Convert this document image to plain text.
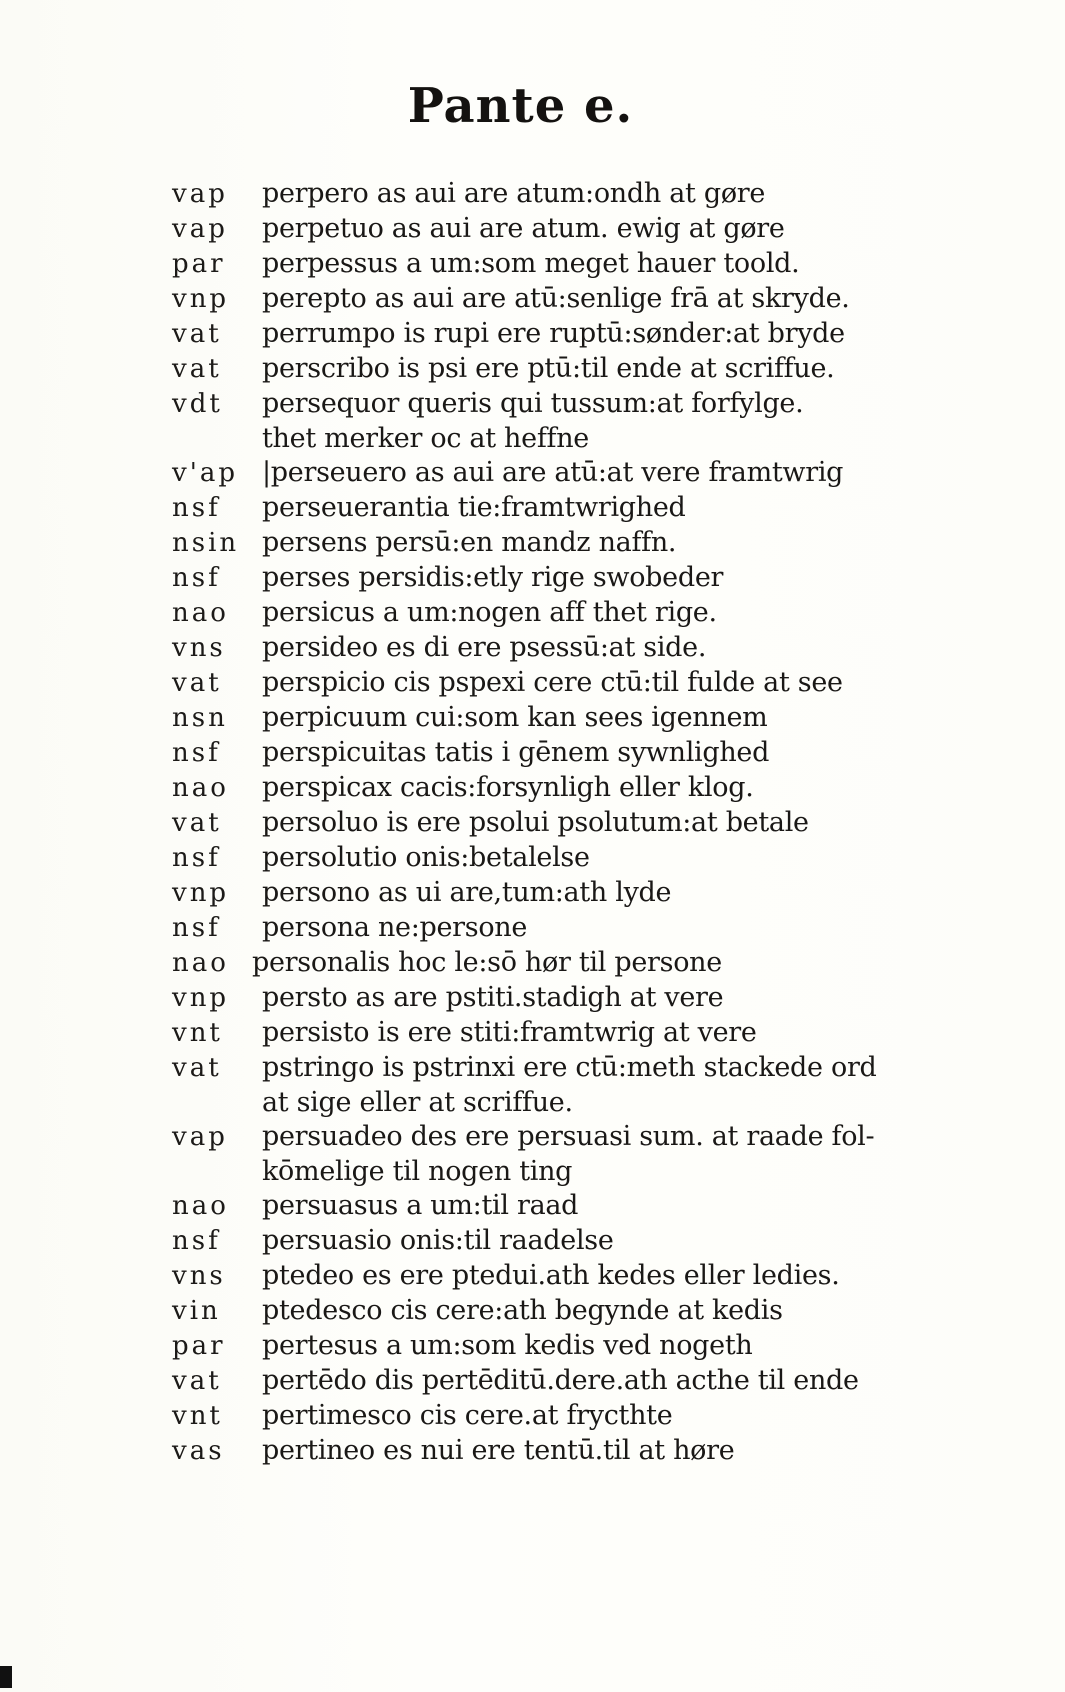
Pante e.
vap	perpero as aui are atum:ondh at gøre
vap	perpetuo as aui are atum. ewig at gøre
par	perpessus a um:som meget hauer toold.
vnp	perepto as aui are atū:senlige frā at skryde.
vat	perrumpo is rupi ere ruptū:sønder:at bryde
vat	perscribo is psi ere ptū:til ende at scriffue.
vdt	persequor queris qui tussum:at forfylge.
thet merker oc at heffne
v'ap |perseuero as aui are atū:at vere framtwrig
nsf	perseuerantia tie:framtwrighed
nsin persens persū:en mandz naffn.
nsf	perses persidis:etly rige swobeder
nao	persicus a um:nogen aff thet rige.
vns	persideo es di ere psessū:at side.
vat	perspicio cis pspexi cere ctū:til fulde at see
nsn	perpicuum cui:som kan sees igennem
nsf	perspicuitas tatis i gēnem sywnlighed
nao	perspicax cacis:forsynligh eller klog.
vat	persoluo is ere psolui psolutum:at betale
nsf	persolutio onis:betalelse
vnp	persono as ui are,tum:ath lyde
nsf	persona ne:persone
nao personalis hoc le:sō hør til persone
vnp	persto as are pstiti.stadigh at vere
vnt	persisto is ere stiti:framtwrig at vere
vat	pstringo is pstrinxi ere ctū:meth stackede ord
at sige eller at scriffue.
vap	persuadeo des ere persuasi sum. at raade fol-
kōmelige til nogen ting
nao	persuasus a um:til raad
nsf	persuasio onis:til raadelse
vns	ptedeo es ere ptedui.ath kedes eller ledies.
vin	ptedesco cis cere:ath begynde at kedis
par	pertesus a um:som kedis ved nogeth
vat	pertēdo dis pertēditū.dere.ath acthe til ende
vnt	pertimesco cis cere.at frycthte
vas	pertineo es nui ere tentū.til at høre
